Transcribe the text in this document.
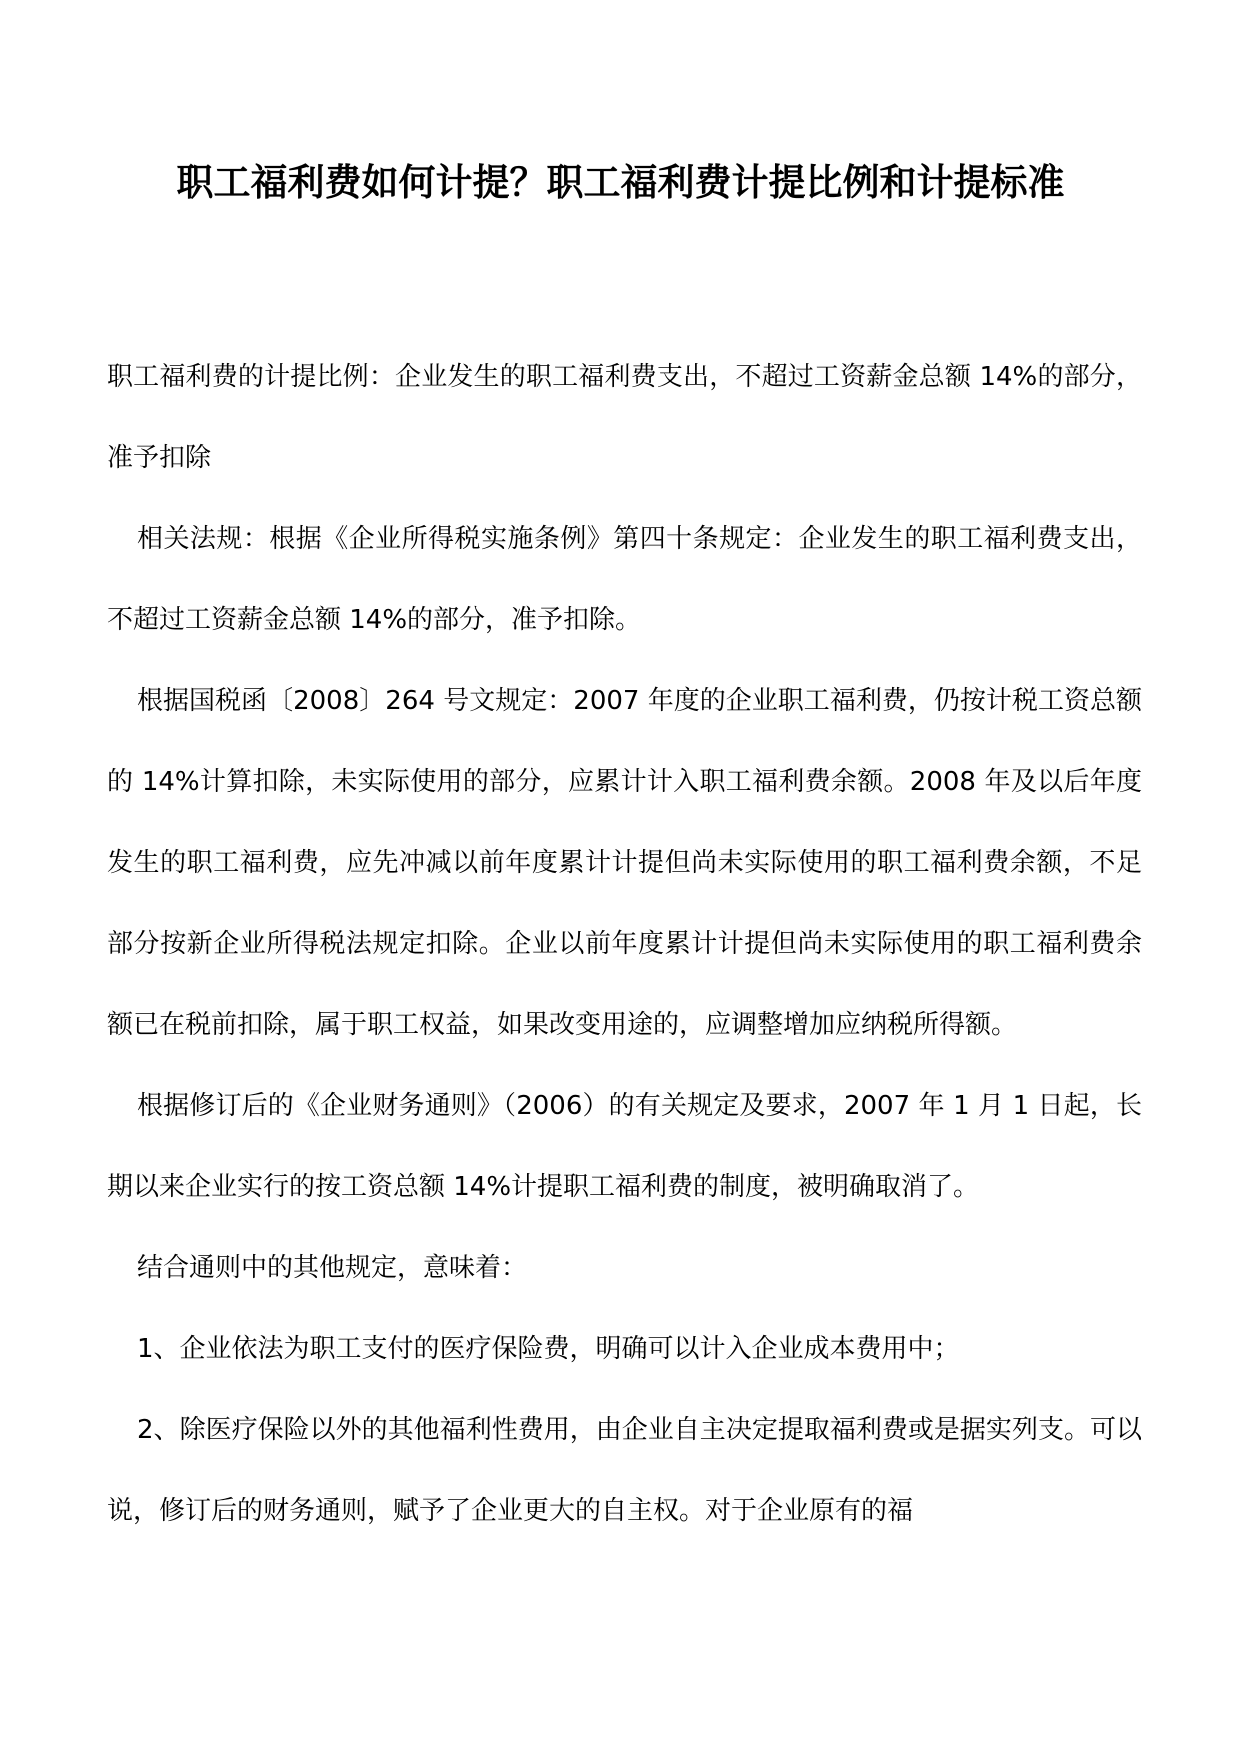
职工福利费如何计提？职工福利费计提比例和计提标准

职工福利费的计提比例：企业发生的职工福利费支出，不超过工资薪金总额 14%的部分，准予扣除

相关法规：根据《企业所得税实施条例》第四十条规定：企业发生的职工福利费支出，不超过工资薪金总额 14%的部分，准予扣除。

根据国税函〔2008〕264 号文规定：2007 年度的企业职工福利费，仍按计税工资总额的 14%计算扣除，未实际使用的部分，应累计计入职工福利费余额。2008 年及以后年度发生的职工福利费，应先冲减以前年度累计计提但尚未实际使用的职工福利费余额，不足部分按新企业所得税法规定扣除。企业以前年度累计计提但尚未实际使用的职工福利费余额已在税前扣除，属于职工权益，如果改变用途的，应调整增加应纳税所得额。

根据修订后的《企业财务通则》（2006）的有关规定及要求，2007 年 1 月 1 日起，长期以来企业实行的按工资总额 14%计提职工福利费的制度，被明确取消了。

结合通则中的其他规定，意味着：

1、企业依法为职工支付的医疗保险费，明确可以计入企业成本费用中；

2、除医疗保险以外的其他福利性费用，由企业自主决定提取福利费或是据实列支。可以说，修订后的财务通则，赋予了企业更大的自主权。对于企业原有的福
